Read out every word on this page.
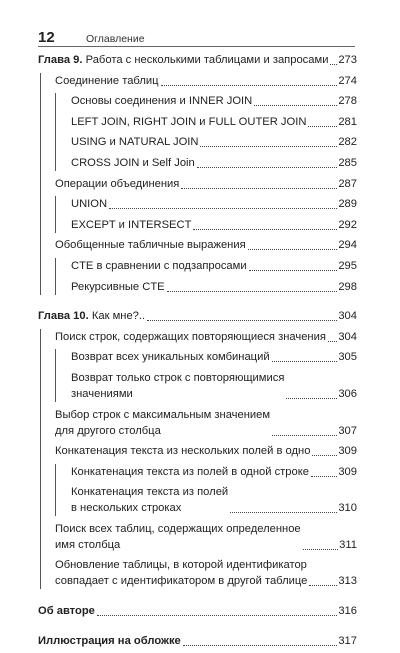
12	Оглавление
Глава 9. Работа с несколькими таблицами и запросами 273
Соединение таблиц	274
Основы соединения и INNER JOIN	278
LEFT JOIN, RIGHT JOIN и FULL OUTER JOIN	281
USING и NATURAL JOIN	282
CROSS JOIN и Self Join	285
Операции объединения	287
UNION	289
EXCEPT и INTERSECT	292
Обобщенные табличные выражения	294
CTE в сравнении с подзапросами	295
Рекурсивные CTE	298
Глава 10. Как мне?..	304
Поиск строк, содержащих повторяющиеся значения 304
Возврат всех уникальных комбинаций	305
Возврат только строк с повторяющимися
значениями	306
Выбор строк с максимальным значением
для другого столбца	307
Конкатенация текста из нескольких полей в одно 309
Конкатенация текста из полей в одной строке	309
Конкатенация текста из полей
в нескольких строках	310
Поиск всех таблиц, содержащих определенное
имя столбца	311
Обновление таблицы, в которой идентификатор
совпадает с идентификатором в другой таблице	313
Об авторе	316
Иллюстрация на обложке	317
